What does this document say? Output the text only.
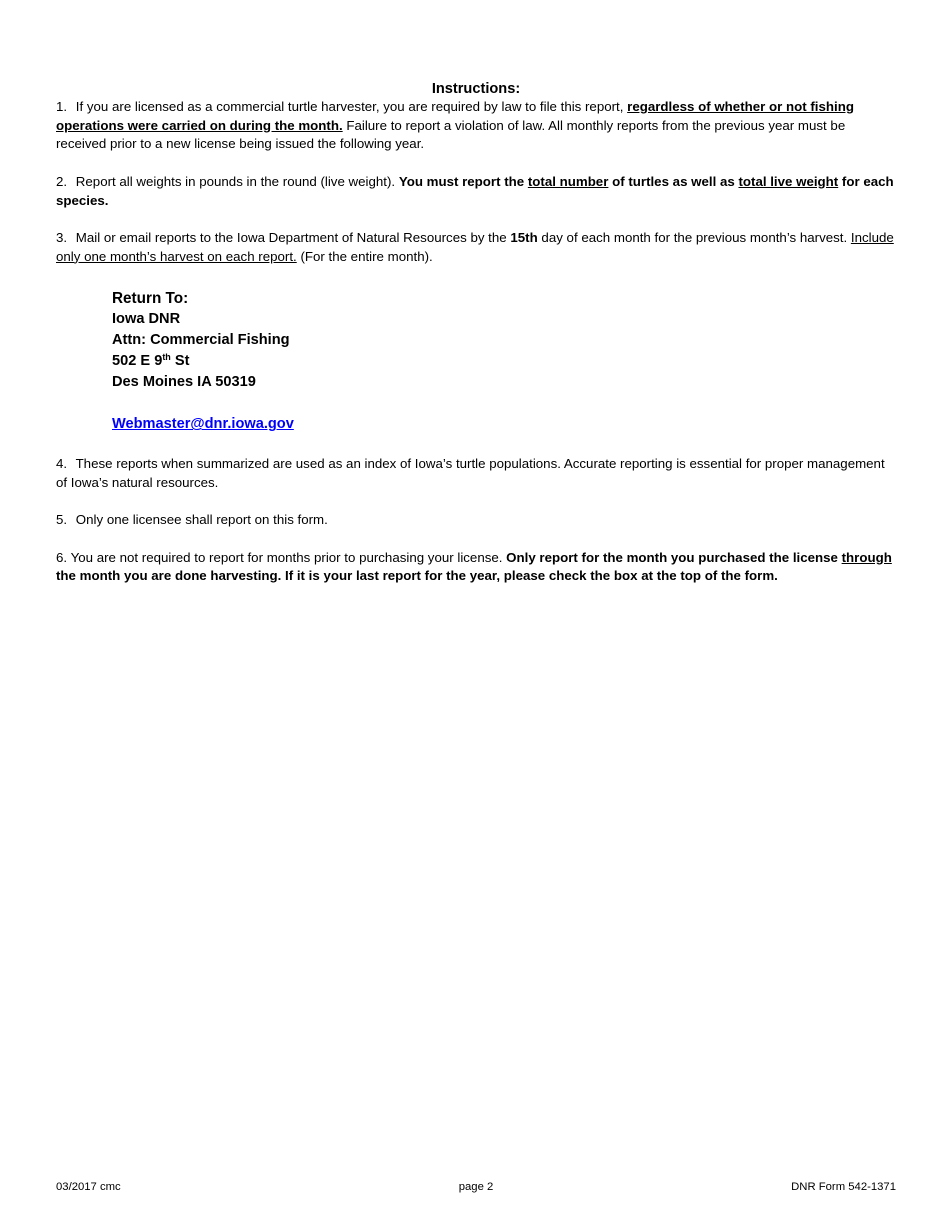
Instructions:

1. If you are licensed as a commercial turtle harvester, you are required by law to file this report, regardless of whether or not fishing operations were carried on during the month. Failure to report a violation of law. All monthly reports from the previous year must be received prior to a new license being issued the following year.

2. Report all weights in pounds in the round (live weight). You must report the total number of turtles as well as total live weight for each species.

3. Mail or email reports to the Iowa Department of Natural Resources by the 15th day of each month for the previous month’s harvest. Include only one month’s harvest on each report. (For the entire month).

Return To:
Iowa DNR
Attn: Commercial Fishing
502 E 9th St
Des Moines IA 50319
Webmaster@dnr.iowa.gov

4. These reports when summarized are used as an index of Iowa’s turtle populations. Accurate reporting is essential for proper management of Iowa’s natural resources.

5. Only one licensee shall report on this form.

6. You are not required to report for months prior to purchasing your license. Only report for the month you purchased the license through the month you are done harvesting. If it is your last report for the year, please check the box at the top of the form.

03/2017 cmc	page 2	DNR Form 542-1371
